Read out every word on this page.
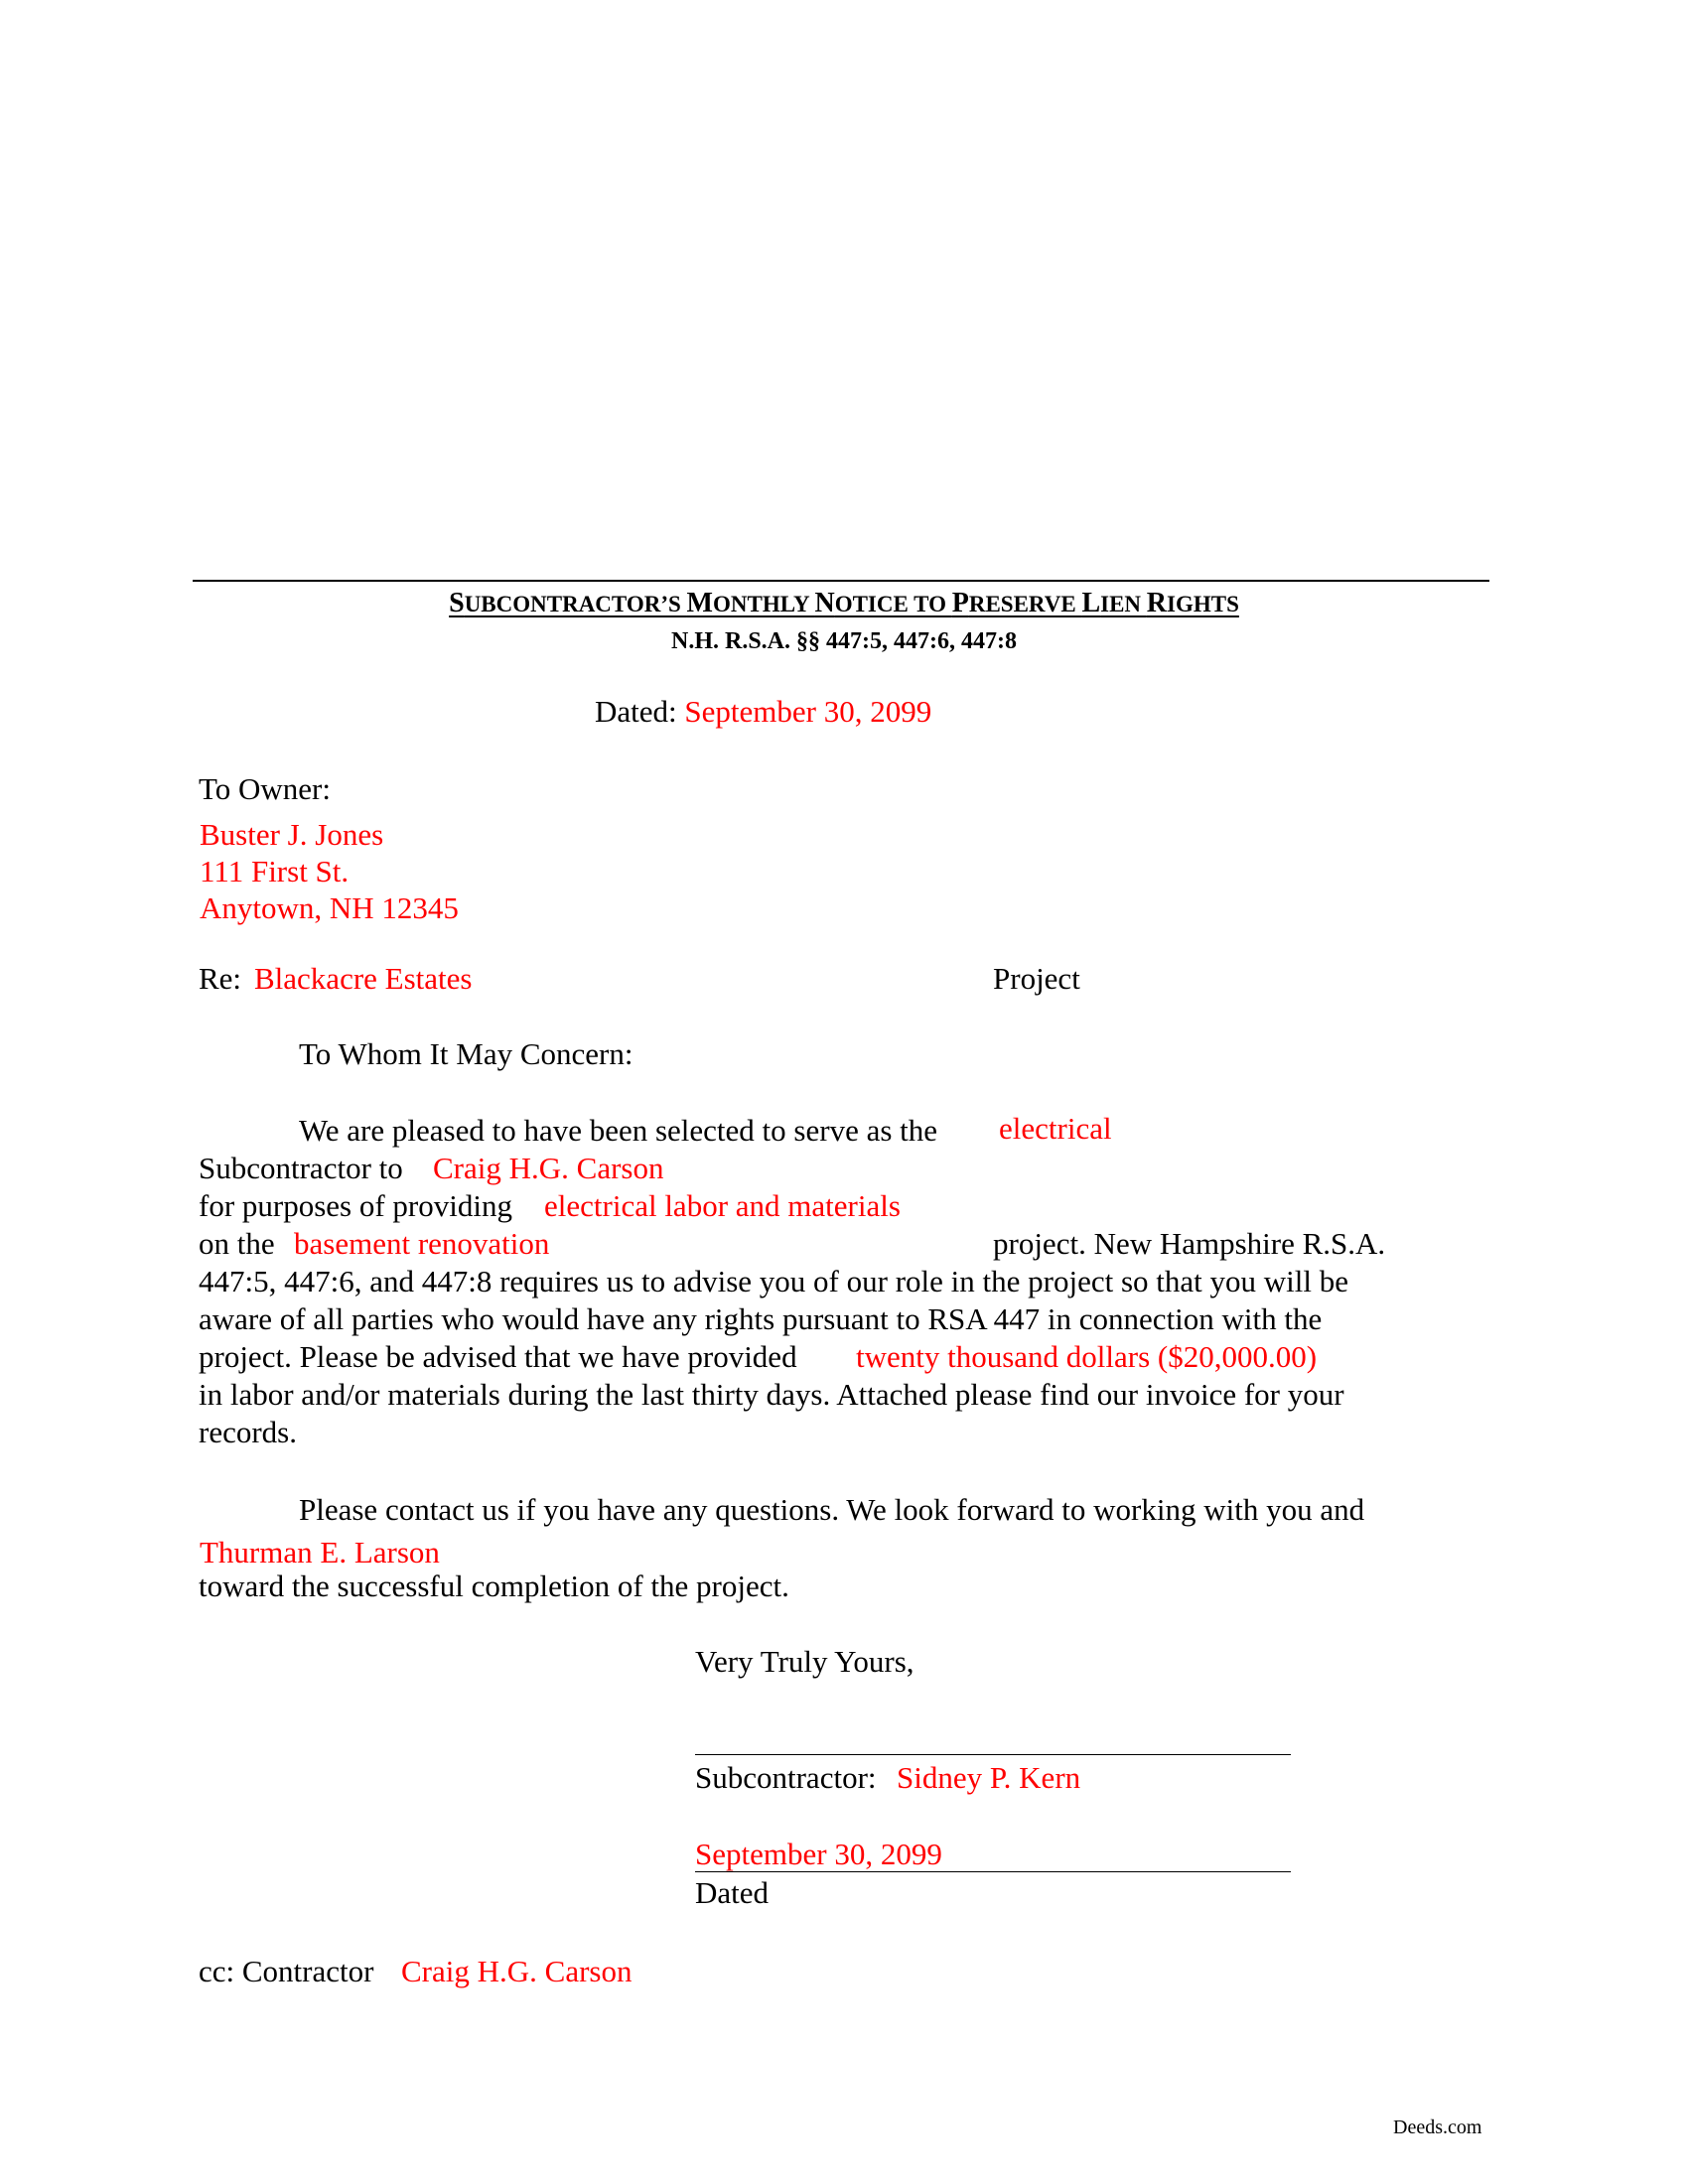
SUBCONTRACTOR’S MONTHLY NOTICE TO PRESERVE LIEN RIGHTS
N.H. R.S.A. §§ 447:5, 447:6, 447:8
Dated: September 30, 2099
To Owner:
Buster J. Jones
111 First St.
Anytown, NH 12345
Re: Blackacre Estates	Project
To Whom It May Concern:
We are pleased to have been selected to serve as the electrical
Subcontractor to Craig H.G. Carson
for purposes of providing electrical labor and materials
on the basement renovation	project. New Hampshire R.S.A.
447:5, 447:6, and 447:8 requires us to advise you of our role in the project so that you will be
aware of all parties who would have any rights pursuant to RSA 447 in connection with the
project. Please be advised that we have provided twenty thousand dollars ($20,000.00)
in labor and/or materials during the last thirty days. Attached please find our invoice for your
records.
Please contact us if you have any questions. We look forward to working with you and
Thurman E. Larson
toward the successful completion of the project.
Very Truly Yours,
Subcontractor: Sidney P. Kern
September 30, 2099
Dated
cc: Contractor Craig H.G. Carson
Deeds.com
